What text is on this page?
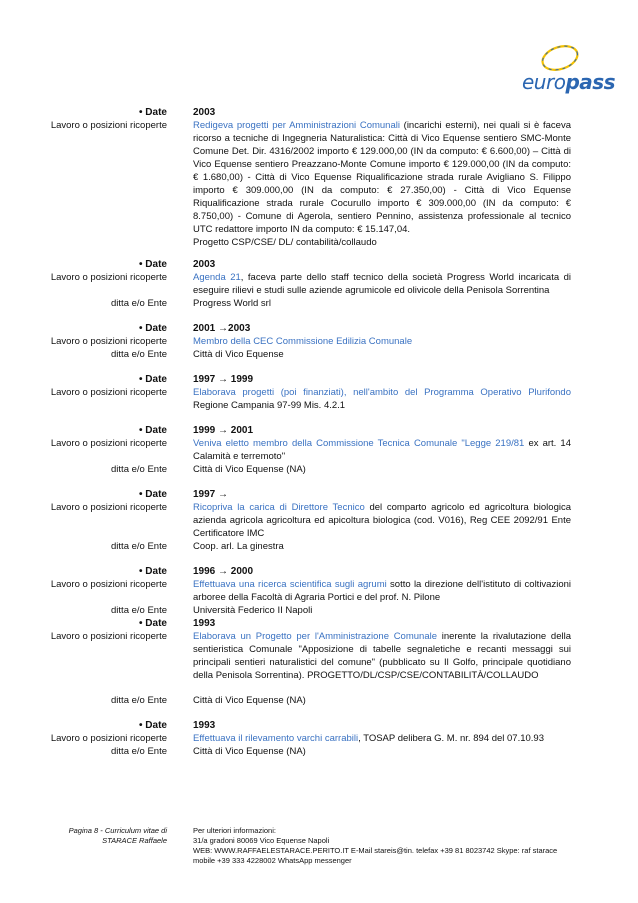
europass
• Date	2003
Lavoro o posizioni ricoperte	Redigeva progetti per Amministrazioni Comunali (incarichi esterni), nei quali si è faceva ricorso a tecniche di Ingegneria Naturalistica: Città di Vico Equense sentiero SMC-Monte Comune Det. Dir. 4316/2002 importo € 129.000,00 (IN da computo: € 6.600,00) – Città di Vico Equense sentiero Preazzano-Monte Comune importo € 129.000,00 (IN da computo: € 1.680,00) - Città di Vico Equense Riqualificazione strada rurale Avigliano S. Filippo importo € 309.000,00 (IN da computo: € 27.350,00) - Città di Vico Equense Riqualificazione strada rurale Cocurullo importo € 309.000,00 (IN da computo: € 8.750,00) - Comune di Agerola, sentiero Pennino, assistenza professionale al tecnico UTC redattore importo IN da computo: € 15.147,04.
Progetto CSP/CSE/ DL/ contabilità/collaudo
• Date	2003
Lavoro o posizioni ricoperte	Agenda 21, faceva parte dello staff tecnico della società Progress World incaricata di eseguire rilievi e studi sulle aziende agrumicole ed olivicole della Penisola Sorrentina
ditta e/o Ente	Progress World srl
• Date	2001 →2003
Lavoro o posizioni ricoperte	Membro della CEC Commissione Edilizia Comunale
ditta e/o Ente	Città di Vico Equense
• Date	1997 → 1999
Lavoro o posizioni ricoperte	Elaborava progetti (poi finanziati), nell'ambito del Programma Operativo Plurifondo Regione Campania 97-99 Mis. 4.2.1
• Date	1999 → 2001
Lavoro o posizioni ricoperte	Veniva eletto membro della Commissione Tecnica Comunale "Legge 219/81 ex art. 14 Calamità e terremoto"
ditta e/o Ente	Città di Vico Equense (NA)
• Date	1997 →
Lavoro o posizioni ricoperte	Ricopriva la carica di Direttore Tecnico del comparto agricolo ed agricoltura biologica azienda agricola agricoltura ed apicoltura biologica (cod. V016), Reg CEE 2092/91 Ente Certificatore IMC
ditta e/o Ente	Coop. arl. La ginestra
• Date	1996 → 2000
Lavoro o posizioni ricoperte	Effettuava una ricerca scientifica sugli agrumi sotto la direzione dell'istituto di coltivazioni arboree della Facoltà di Agraria Portici e del prof. N. Pilone
ditta e/o Ente	Università Federico II Napoli
• Date	1993
Lavoro o posizioni ricoperte	Elaborava un Progetto per l'Amministrazione Comunale inerente la rivalutazione della sentieristica Comunale "Apposizione di tabelle segnaletiche e recanti messaggi sui principali sentieri naturalistici del comune" (pubblicato su Il Golfo, principale quotidiano della Penisola Sorrentina). PROGETTO/DL/CSP/CSE/CONTABILITÀ/COLLAUDO
ditta e/o Ente	Città di Vico Equense (NA)
• Date	1993
Lavoro o posizioni ricoperte	Effettuava il rilevamento varchi carrabili, TOSAP delibera G. M. nr. 894 del 07.10.93
ditta e/o Ente	Città di Vico Equense (NA)
Pagina 8 - Curriculum vitae di
STARACE Raffaele
Per ulteriori informazioni:
31/a gradoni 80069 Vico Equense Napoli
WEB: WWW.RAFFAELESTARACE.PERITO.IT E-Mail stareis@tin. telefax +39 81 8023742 Skype: raf starace
mobile +39 333 4228002 WhatsApp messenger
